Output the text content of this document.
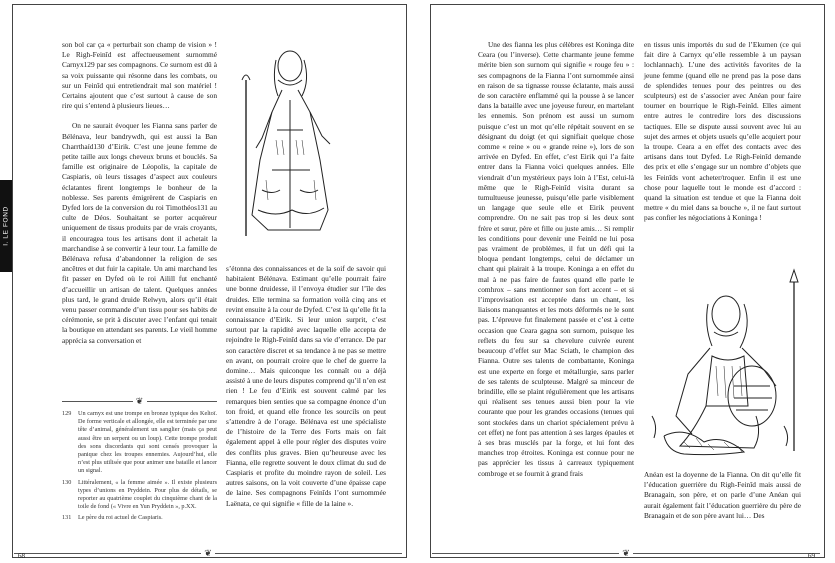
I. LE FOND

son bol car ça « perturbait son champ de vision » ! Le Righ-Feinîd est affectueusement surnommé Carnyx129 par ses compagnons. Ce surnom est dû à sa voix puissante qui résonne dans les combats, ou sur un Feinîd qui entretiendrait mal son matériel ! Certains ajoutent que c’est surtout à cause de son rire qui s’entend à plusieurs lieues…

On ne saurait évoquer les Fianna sans parler de Bélénava, leur bandrywdh, qui est aussi la Ban Charrthaíd130 d’Eirik. C’est une jeune femme de petite taille aux longs cheveux bruns et bouclés. Sa famille est originaire de Léopolis, la capitale de Caspiaris, où leurs tissages d’aspect aux couleurs éclatantes firent longtemps le bonheur de la noblesse. Ses parents émigrèrent de Caspiaris en Dyfed lors de la conversion du roi Timothéos131 au culte de Déos. Souhaitant se porter acquéreur uniquement de tissus produits par de vrais croyants, il encouragea tous les artisans dont il achetait la marchandise à se convertir à leur tour. La famille de Bélénava refusa d’abandonner la religion de ses ancêtres et dut fuir la capitale. Un ami marchand les fit passer en Dyfed où le roi Ailill fut enchanté d’accueillir un artisan de talent. Quelques années plus tard, le grand druide Relwyn, alors qu’il était venu passer commande d’un tissu pour ses habits de cérémonie, se prit à discuter avec l’enfant qui tenait la boutique en attendant ses parents. Le vieil homme apprécia sa conversation et

❦
129	Un carnyx est une trompe en bronze typique des Keltoï. De forme verticale et allongée, elle est terminée par une tête d’animal, généralement un sanglier (mais ça peut aussi être un serpent ou un loup). Cette trompe produit des sons discordants qui sont censés provoquer la panique chez les troupes ennemies. Aujourd’hui, elle n’est plus utilisée que pour animer une bataille et lancer un signal.
130	Littéralement, « la femme aimée ». Il existe plusieurs types d’unions en Pryddein. Pour plus de détails, se reporter au quatrième couplet du cinquième chant de la toile de fond (« Vivre en Yun Pryddein », p.XX.
131	Le père du roi actuel de Caspiaris.

s’étonna des connaissances et de la soif de savoir qui habitaient Bélénava. Estimant qu’elle pourrait faire une bonne druidesse, il l’envoya étudier sur l’île des druides. Elle termina sa formation voilà cinq ans et revint ensuite à la cour de Dyfed. C’est là qu’elle fit la connaissance d’Eirik. Si leur union surprit, c’est surtout par la rapidité avec laquelle elle accepta de rejoindre le Righ-Feinîd dans sa vie d’errance. De par son caractère discret et sa tendance à ne pas se mettre en avant, on pourrait croire que le chef de guerre la domine… Mais quiconque les connaît ou a déjà assisté à une de leurs disputes comprend qu’il n’en est rien ! Le feu d’Eirik est souvent calmé par les remarques bien senties que sa compagne énonce d’un ton froid, et quand elle fronce les sourcils on peut s’attendre à de l’orage. Bélénava est une spécialiste de l’histoire de la Terre des Forts mais on fait également appel à elle pour régler des disputes voire des conflits plus graves. Bien qu’heureuse avec les Fianna, elle regrette souvent le doux climat du sud de Caspiaris et profite du moindre rayon de soleil. Les autres saisons, on la voit couverte d’une épaisse cape de laine. Ses compagnons Feinîds l’ont surnommée Laënata, ce qui signifie « fille de la laine ».

❦
68

Une des fianna les plus célèbres est Koninga dite Ceara (ou l’inverse). Cette charmante jeune femme mérite bien son surnom qui signifie « rouge feu » : ses compagnons de la Fianna l’ont surnommée ainsi en raison de sa tignasse rousse éclatante, mais aussi de son caractère enflammé qui la pousse à se lancer dans la bataille avec une joyeuse fureur, en martelant les ennemis. Son prénom est aussi un surnom puisque c’est un mot qu’elle répétait souvent en se désignant du doigt (et qui signifiait quelque chose comme « reine » ou « grande reine »), lors de son arrivée en Dyfed. En effet, c’est Eirik qui l’a faite entrer dans la Fianna voici quelques années. Elle viendrait d’un mystérieux pays loin à l’Est, celui-là même que le Righ-Feinîd visita durant sa tumultueuse jeunesse, puisqu’elle parle visiblement un langage que seule elle et Eirik peuvent comprendre. On ne sait pas trop si les deux sont frère et sœur, père et fille ou juste amis… Si remplir les conditions pour devenir une Feinîd ne lui posa pas vraiment de problèmes, il fut un défi qui la bloqua pendant longtemps, celui de déclamer un chant qui plairait à la troupe. Koninga a en effet du mal à ne pas faire de fautes quand elle parle le comhrox – sans mentionner son fort accent – et si l’improvisation est acceptée dans un chant, les liaisons manquantes et les mots déformés ne le sont pas. L’épreuve fut finalement passée et c’est à cette occasion que Ceara gagna son surnom, puisque les reflets du feu sur sa chevelure cuivrée eurent beaucoup d’effet sur Mac Sciath, le champion des Fianna. Outre ses talents de combattante, Koninga est une experte en forge et métallurgie, sans parler de ses talents de sculpteuse. Malgré sa minceur de brindille, elle se plaint régulièrement que les artisans qui réalisent ses tenues aussi bien pour la vie courante que pour les grandes occasions (tenues qui sont stockées dans un chariot spécialement prévu à cet effet) ne font pas attention à ses larges épaules et à ses bras musclés par la forge, et lui font des manches trop étroites. Koninga est connue pour ne pas apprécier les tissus à carreaux typiquement combroge et se fournit à grand frais

en tissus unis importés du sud de l’Ekumen (ce qui fait dire à Carnyx qu’elle ressemble à un paysan lochlannach). L’une des activités favorites de la jeune femme (quand elle ne prend pas la pose dans de splendides tenues pour des peintres ou des sculpteurs) est de s’associer avec Anéan pour faire tourner en bourrique le Righ-Feinîd. Elles aiment entre autres le contredire lors des discussions tactiques. Elle se dispute aussi souvent avec lui au sujet des armes et objets usuels qu’elle acquiert pour la troupe. Ceara a en effet des contacts avec des artisans dans tout Dyfed. Le Righ-Feinîd demande des prix et elle s’engage sur un nombre d’objets que les Feinîds vont acheter/troquer. Enfin il est une chose pour laquelle tout le monde est d’accord : quand la situation est tendue et que la Fianna doit mettre « du miel dans sa bouche », il ne faut surtout pas confier les négociations à Koninga !

Anéan est la doyenne de la Fianna. On dit qu’elle fit l’éducation guerrière du Righ-Feinîd mais aussi de Branagain, son père, et on parle d’une Anéan qui aurait également fait l’éducation guerrière du père de Branagain et de son père avant lui… Des
❦	69
